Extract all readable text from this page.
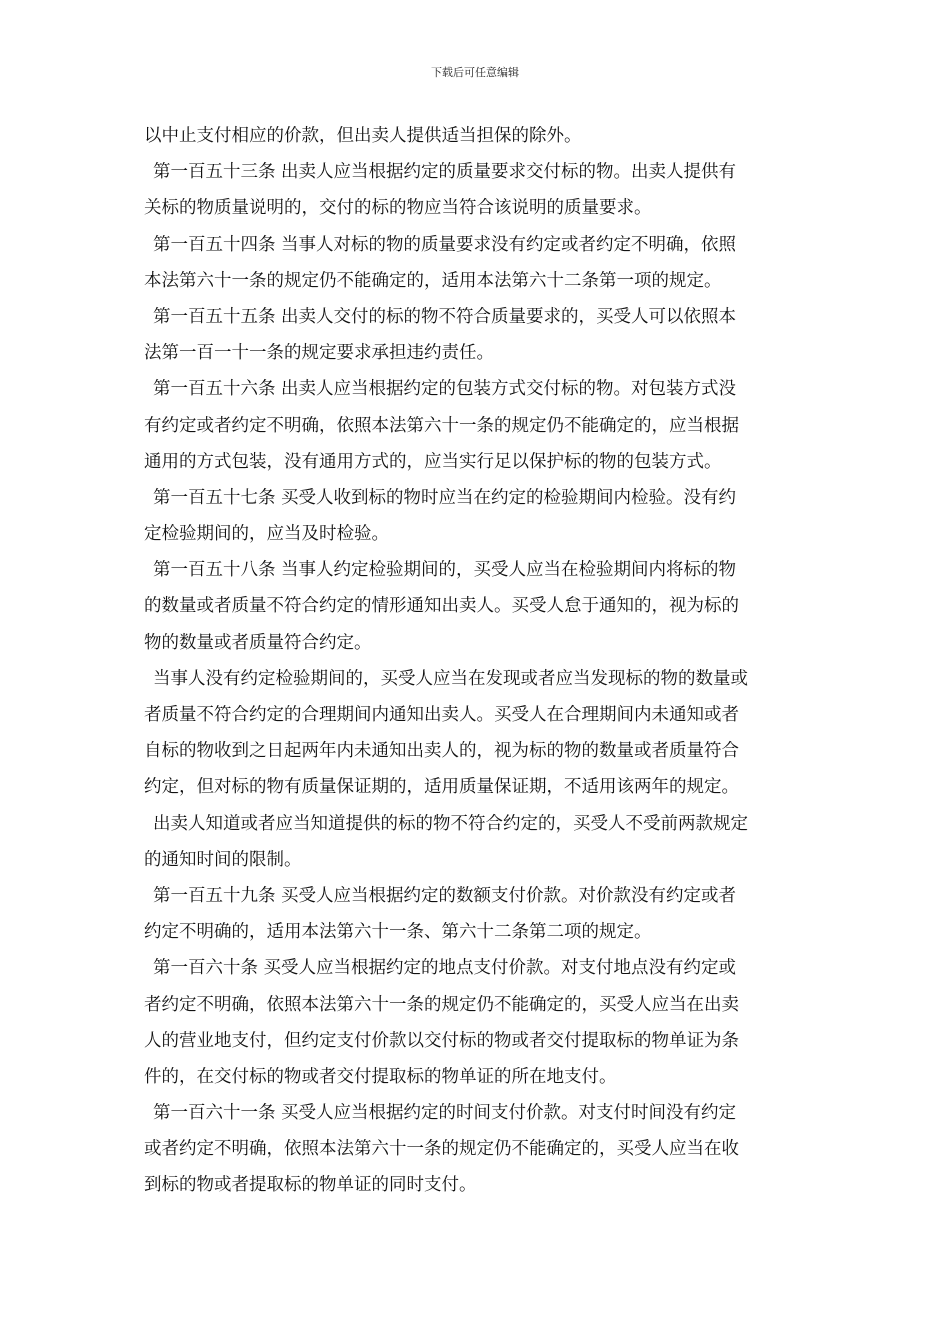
下载后可任意编辑
以中止支付相应的价款，但出卖人提供适当担保的除外。
第一百五十三条 出卖人应当根据约定的质量要求交付标的物。出卖人提供有
关标的物质量说明的，交付的标的物应当符合该说明的质量要求。
第一百五十四条 当事人对标的物的质量要求没有约定或者约定不明确，依照
本法第六十一条的规定仍不能确定的，适用本法第六十二条第一项的规定。
第一百五十五条 出卖人交付的标的物不符合质量要求的，买受人可以依照本
法第一百一十一条的规定要求承担违约责任。
第一百五十六条 出卖人应当根据约定的包装方式交付标的物。对包装方式没
有约定或者约定不明确，依照本法第六十一条的规定仍不能确定的，应当根据
通用的方式包装，没有通用方式的，应当实行足以保护标的物的包装方式。
第一百五十七条 买受人收到标的物时应当在约定的检验期间内检验。没有约
定检验期间的，应当及时检验。
第一百五十八条 当事人约定检验期间的，买受人应当在检验期间内将标的物
的数量或者质量不符合约定的情形通知出卖人。买受人怠于通知的，视为标的
物的数量或者质量符合约定。
当事人没有约定检验期间的，买受人应当在发现或者应当发现标的物的数量或
者质量不符合约定的合理期间内通知出卖人。买受人在合理期间内未通知或者
自标的物收到之日起两年内未通知出卖人的，视为标的物的数量或者质量符合
约定，但对标的物有质量保证期的，适用质量保证期，不适用该两年的规定。
出卖人知道或者应当知道提供的标的物不符合约定的，买受人不受前两款规定
的通知时间的限制。
第一百五十九条 买受人应当根据约定的数额支付价款。对价款没有约定或者
约定不明确的，适用本法第六十一条、第六十二条第二项的规定。
第一百六十条 买受人应当根据约定的地点支付价款。对支付地点没有约定或
者约定不明确，依照本法第六十一条的规定仍不能确定的，买受人应当在出卖
人的营业地支付，但约定支付价款以交付标的物或者交付提取标的物单证为条
件的，在交付标的物或者交付提取标的物单证的所在地支付。
第一百六十一条 买受人应当根据约定的时间支付价款。对支付时间没有约定
或者约定不明确，依照本法第六十一条的规定仍不能确定的，买受人应当在收
到标的物或者提取标的物单证的同时支付。
